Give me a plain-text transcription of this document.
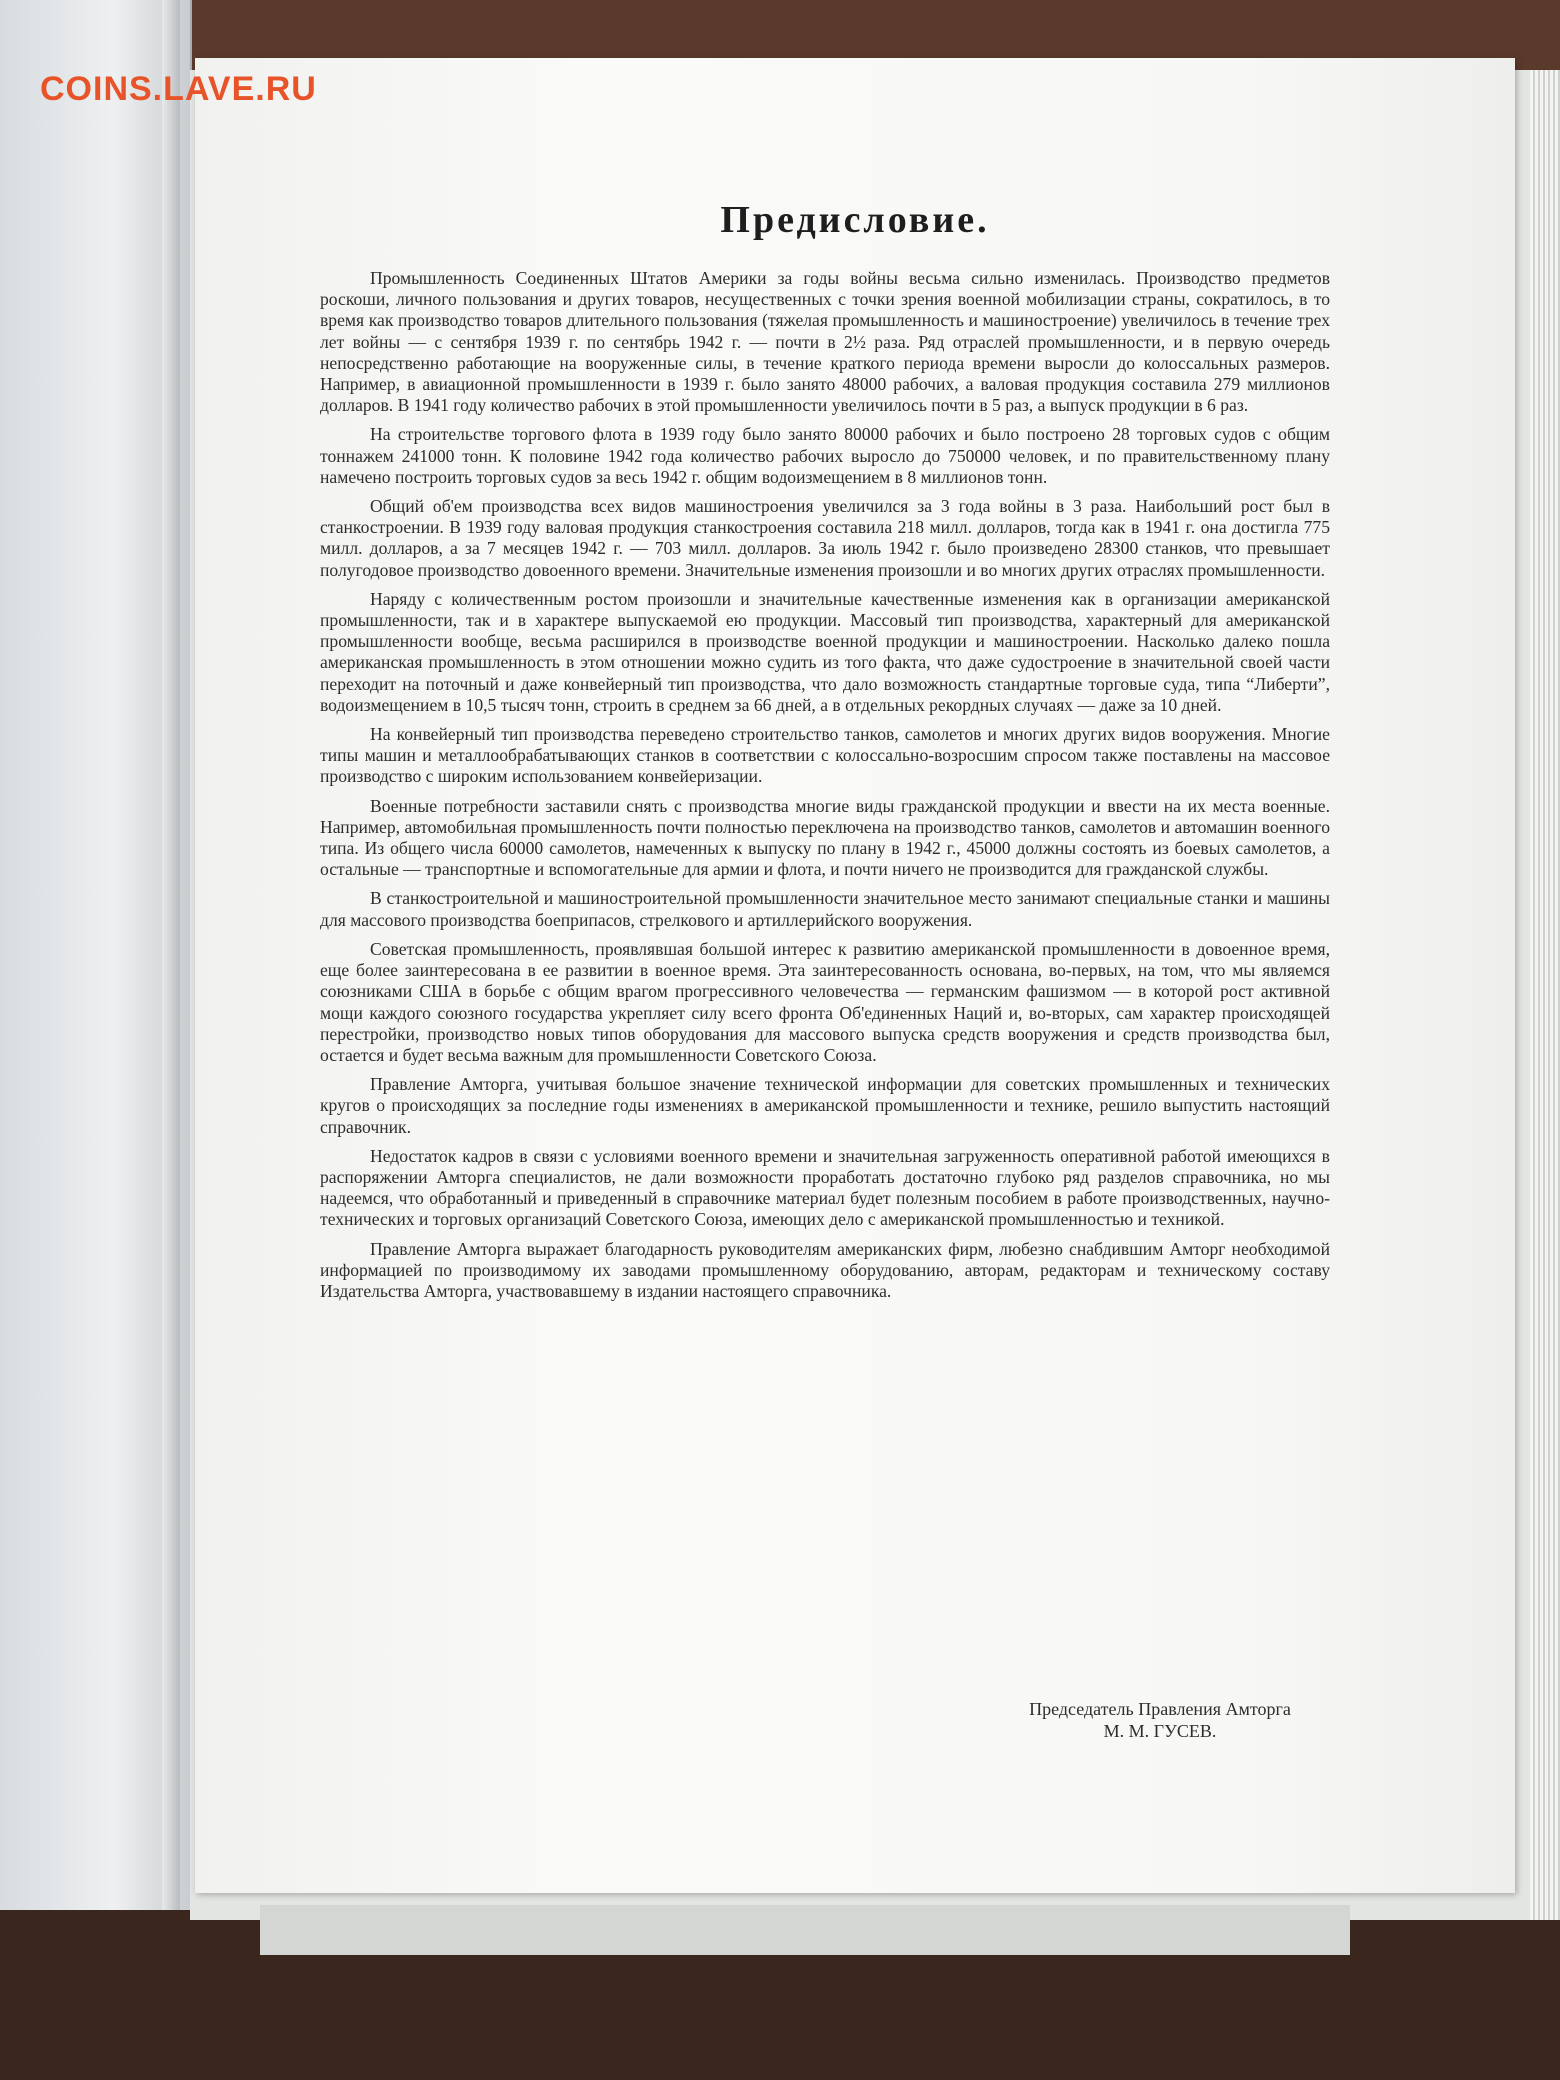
Предисловие.

Промышленность Соединенных Штатов Америки за годы войны весьма сильно изменилась. Производство предметов роскоши, личного пользования и других товаров, несущественных с точки зрения военной мобилизации страны, сократилось, в то время как производство товаров длительного пользования (тяжелая промышленность и машиностроение) увеличилось в течение трех лет войны — с сентября 1939 г. по сентябрь 1942 г. — почти в 2½ раза. Ряд отраслей промышленности, и в первую очередь непосредственно работающие на вооруженные силы, в течение краткого периода времени выросли до колоссальных размеров. Например, в авиационной промышленности в 1939 г. было занято 48000 рабочих, а валовая продукция составила 279 миллионов долларов. В 1941 году количество рабочих в этой промышленности увеличилось почти в 5 раз, а выпуск продукции в 6 раз.

На строительстве торгового флота в 1939 году было занято 80000 рабочих и было построено 28 торговых судов с общим тоннажем 241000 тонн. К половине 1942 года количество рабочих выросло до 750000 человек, и по правительственному плану намечено построить торговых судов за весь 1942 г. общим водоизмещением в 8 миллионов тонн.

Общий об'ем производства всех видов машиностроения увеличился за 3 года войны в 3 раза. Наибольший рост был в станкостроении. В 1939 году валовая продукция станкостроения составила 218 милл. долларов, тогда как в 1941 г. она достигла 775 милл. долларов, а за 7 месяцев 1942 г. — 703 милл. долларов. За июль 1942 г. было произведено 28300 станков, что превышает полугодовое производство довоенного времени. Значительные изменения произошли и во многих других отраслях промышленности.

Наряду с количественным ростом произошли и значительные качественные изменения как в организации американской промышленности, так и в характере выпускаемой ею продукции. Массовый тип производства, характерный для американской промышленности вообще, весьма расширился в производстве военной продукции и машиностроении. Насколько далеко пошла американская промышленность в этом отношении можно судить из того факта, что даже судостроение в значительной своей части переходит на поточный и даже конвейерный тип производства, что дало возможность стандартные торговые суда, типа “Либерти”, водоизмещением в 10,5 тысяч тонн, строить в среднем за 66 дней, а в отдельных рекордных случаях — даже за 10 дней.

На конвейерный тип производства переведено строительство танков, самолетов и многих других видов вооружения. Многие типы машин и металлообрабатывающих станков в соответствии с колоссально-возросшим спросом также поставлены на массовое производство с широким использованием конвейеризации.

Военные потребности заставили снять с производства многие виды гражданской продукции и ввести на их места военные. Например, автомобильная промышленность почти полностью переключена на производство танков, самолетов и автомашин военного типа. Из общего числа 60000 самолетов, намеченных к выпуску по плану в 1942 г., 45000 должны состоять из боевых самолетов, а остальные — транспортные и вспомогательные для армии и флота, и почти ничего не производится для гражданской службы.

В станкостроительной и машиностроительной промышленности значительное место занимают специальные станки и машины для массового производства боеприпасов, стрелкового и артиллерийского вооружения.

Советская промышленность, проявлявшая большой интерес к развитию американской промышленности в довоенное время, еще более заинтересована в ее развитии в военное время. Эта заинтересованность основана, во-первых, на том, что мы являемся союзниками США в борьбе с общим врагом прогрессивного человечества — германским фашизмом — в которой рост активной мощи каждого союзного государства укрепляет силу всего фронта Об'единенных Наций и, во-вторых, сам характер происходящей перестройки, производство новых типов оборудования для массового выпуска средств вооружения и средств производства был, остается и будет весьма важным для промышленности Советского Союза.

Правление Амторга, учитывая большое значение технической информации для советских промышленных и технических кругов о происходящих за последние годы изменениях в американской промышленности и технике, решило выпустить настоящий справочник.

Недостаток кадров в связи с условиями военного времени и значительная загруженность оперативной работой имеющихся в распоряжении Амторга специалистов, не дали возможности проработать достаточно глубоко ряд разделов справочника, но мы надеемся, что обработанный и приведенный в справочнике материал будет полезным пособием в работе производственных, научно-технических и торговых организаций Советского Союза, имеющих дело с американской промышленностью и техникой.

Правление Амторга выражает благодарность руководителям американских фирм, любезно снабдившим Амторг необходимой информацией по производимому их заводами промышленному оборудованию, авторам, редакторам и техническому составу Издательства Амторга, участвовавшему в издании настоящего справочника.

Председатель Правления Амторга
М. М. ГУСЕВ.
COINS.LAVE.RU
